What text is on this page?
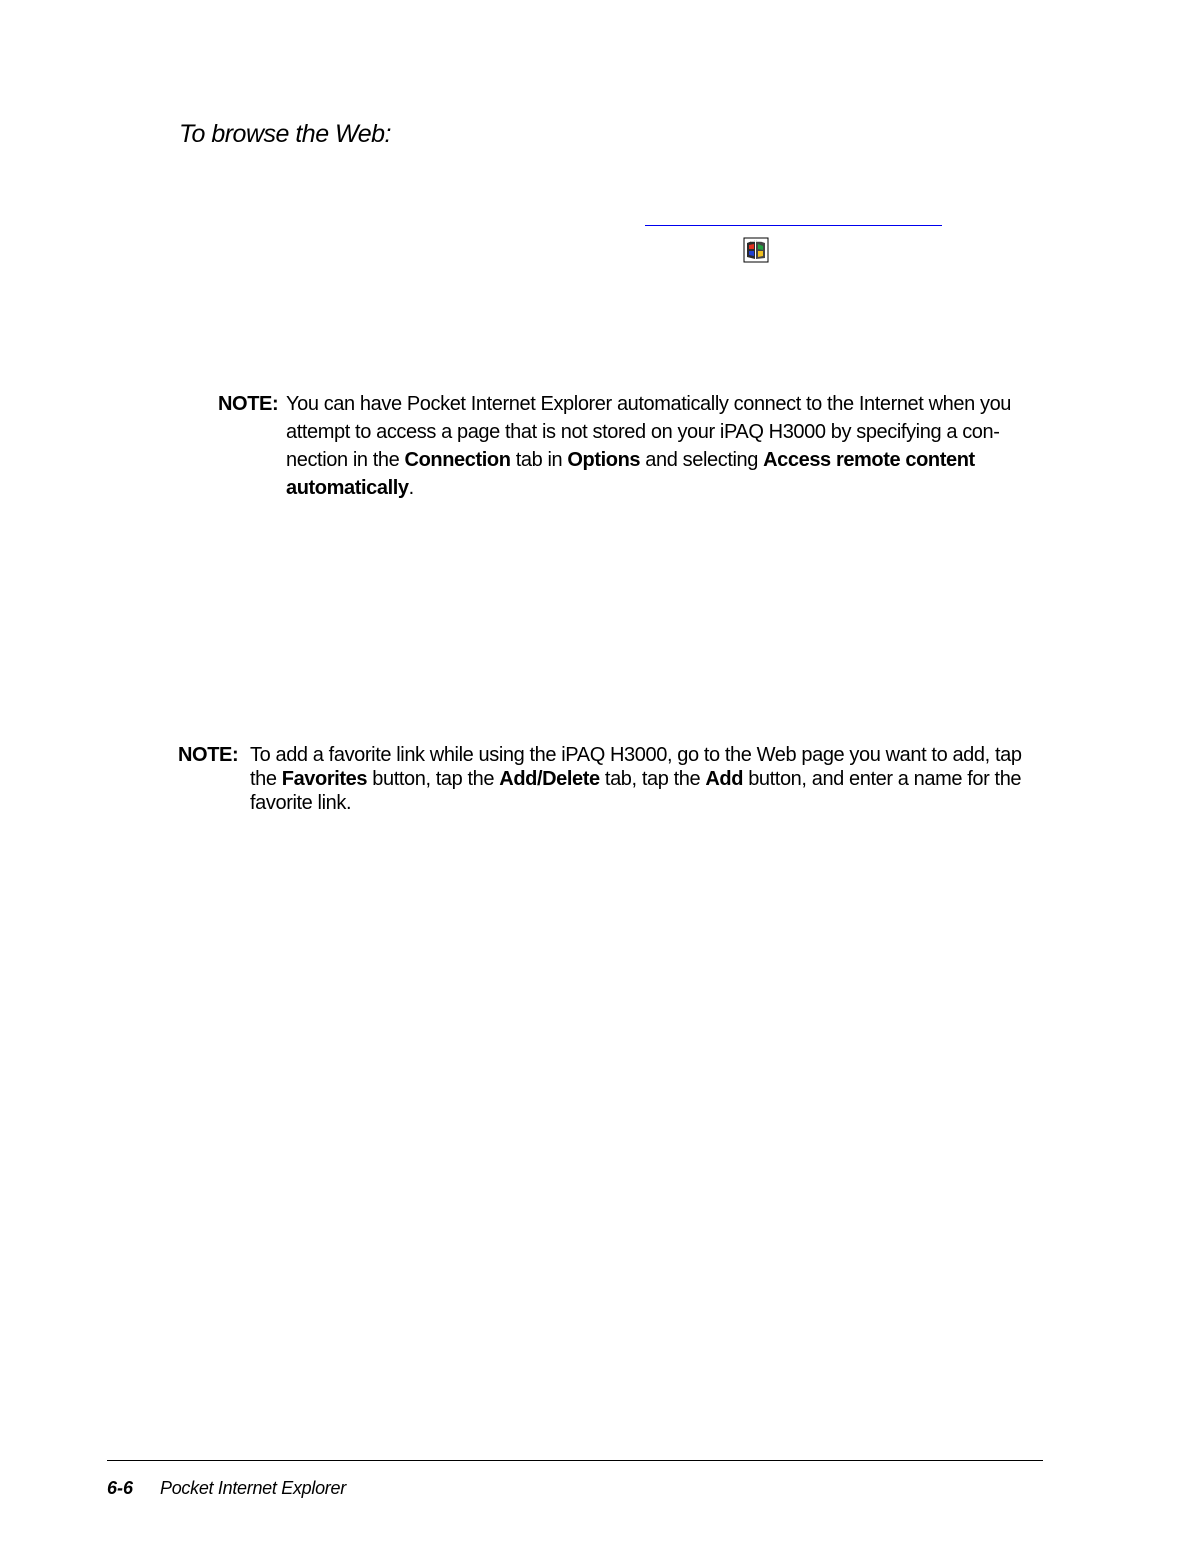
To browse the Web:
NOTE: You can have Pocket Internet Explorer automatically connect to the Internet when you attempt to access a page that is not stored on your iPAQ H3000 by specifying a con-nection in the Connection tab in Options and selecting Access remote content automatically.
NOTE: To add a favorite link while using the iPAQ H3000, go to the Web page you want to add, tap the Favorites button, tap the Add/Delete tab, tap the Add button, and enter a name for the favorite link.
6-6 Pocket Internet Explorer
